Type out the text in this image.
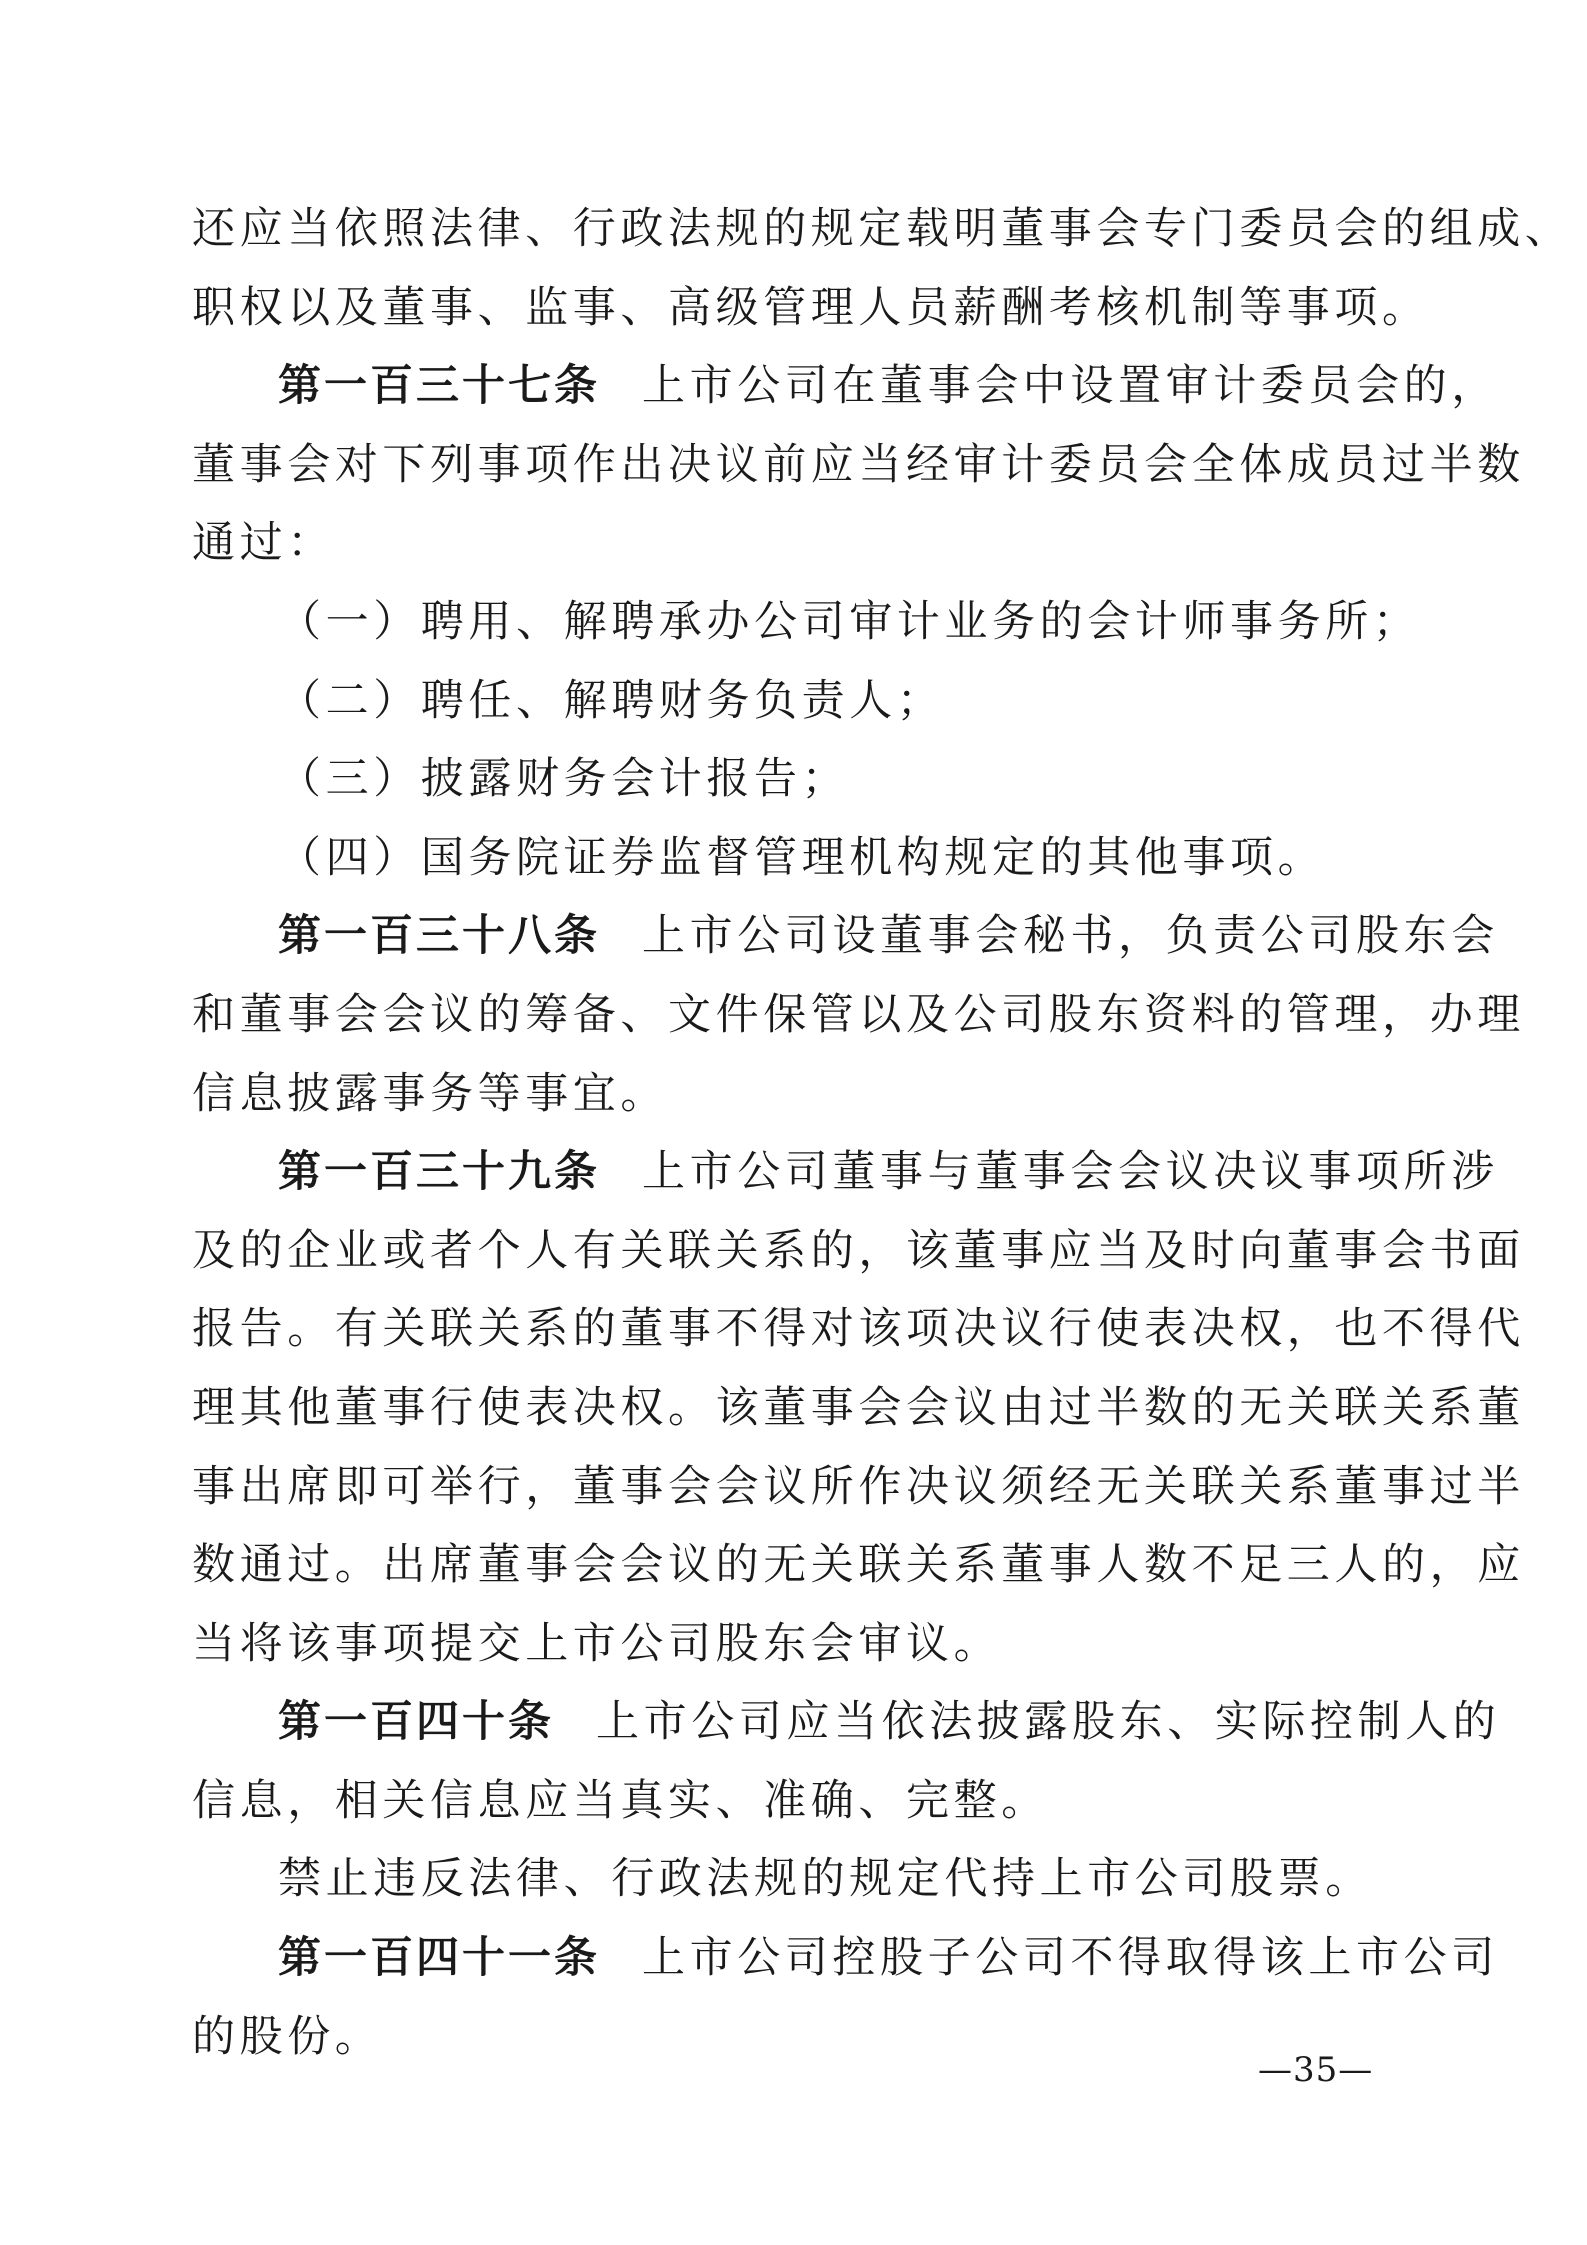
还应当依照法律、行政法规的规定载明董事会专门委员会的组成、
职权以及董事、监事、高级管理人员薪酬考核机制等事项。
第一百三十七条 上市公司在董事会中设置审计委员会的，
董事会对下列事项作出决议前应当经审计委员会全体成员过半数
通过：
（一）聘用、解聘承办公司审计业务的会计师事务所；
（二）聘任、解聘财务负责人；
（三）披露财务会计报告；
（四）国务院证券监督管理机构规定的其他事项。
第一百三十八条 上市公司设董事会秘书，负责公司股东会
和董事会会议的筹备、文件保管以及公司股东资料的管理，办理
信息披露事务等事宜。
第一百三十九条 上市公司董事与董事会会议决议事项所涉
及的企业或者个人有关联关系的，该董事应当及时向董事会书面
报告。有关联关系的董事不得对该项决议行使表决权，也不得代
理其他董事行使表决权。该董事会会议由过半数的无关联关系董
事出席即可举行，董事会会议所作决议须经无关联关系董事过半
数通过。出席董事会会议的无关联关系董事人数不足三人的，应
当将该事项提交上市公司股东会审议。
第一百四十条 上市公司应当依法披露股东、实际控制人的
信息，相关信息应当真实、准确、完整。
禁止违反法律、行政法规的规定代持上市公司股票。
第一百四十一条 上市公司控股子公司不得取得该上市公司
的股份。
—35—
